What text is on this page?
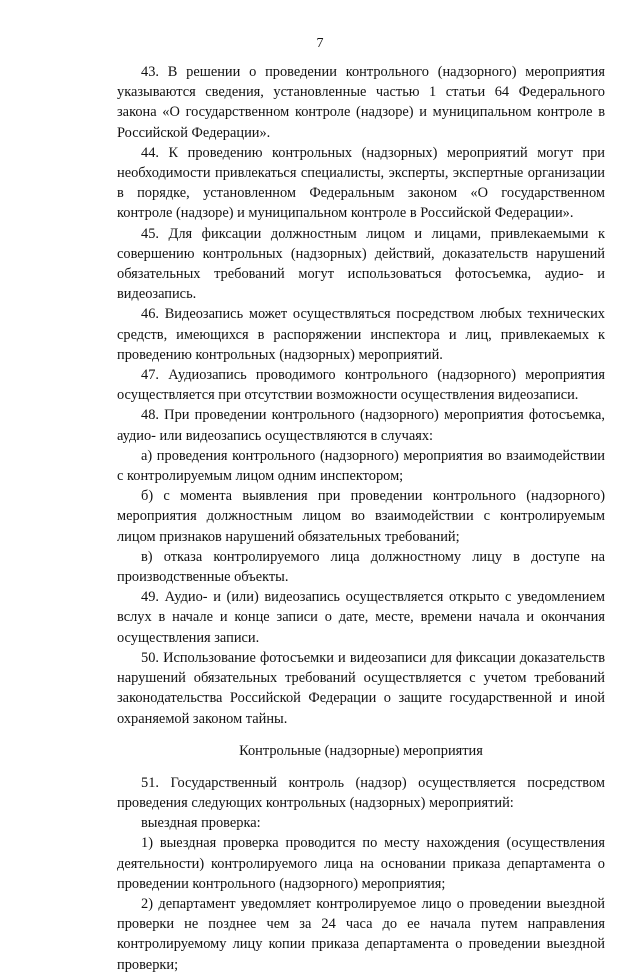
7

43. В решении о проведении контрольного (надзорного) мероприятия указываются сведения, установленные частью 1 статьи 64 Федерального закона «О государственном контроле (надзоре) и муниципальном контроле в Российской Федерации».

44. К проведению контрольных (надзорных) мероприятий могут при необходимости привлекаться специалисты, эксперты, экспертные организации в порядке, установленном Федеральным законом «О государственном контроле (надзоре) и муниципальном контроле в Российской Федерации».

45. Для фиксации должностным лицом и лицами, привлекаемыми к совершению контрольных (надзорных) действий, доказательств нарушений обязательных требований могут использоваться фотосъемка, аудио- и видеозапись.

46. Видеозапись может осуществляться посредством любых технических средств, имеющихся в распоряжении инспектора и лиц, привлекаемых к проведению контрольных (надзорных) мероприятий.

47. Аудиозапись проводимого контрольного (надзорного) мероприятия осуществляется при отсутствии возможности осуществления видеозаписи.

48. При проведении контрольного (надзорного) мероприятия фотосъемка, аудио- или видеозапись осуществляются в случаях:

а) проведения контрольного (надзорного) мероприятия во взаимодействии с контролируемым лицом одним инспектором;

б) с момента выявления при проведении контрольного (надзорного) мероприятия должностным лицом во взаимодействии с контролируемым лицом признаков нарушений обязательных требований;

в) отказа контролируемого лица должностному лицу в доступе на производственные объекты.

49. Аудио- и (или) видеозапись осуществляется открыто с уведомлением вслух в начале и конце записи о дате, месте, времени начала и окончания осуществления записи.

50. Использование фотосъемки и видеозаписи для фиксации доказательств нарушений обязательных требований осуществляется с учетом требований законодательства Российской Федерации о защите государственной и иной охраняемой законом тайны.

Контрольные (надзорные) мероприятия

51. Государственный контроль (надзор) осуществляется посредством проведения следующих контрольных (надзорных) мероприятий:

выездная проверка:

1) выездная проверка проводится по месту нахождения (осуществления деятельности) контролируемого лица на основании приказа департамента о проведении контрольного (надзорного) мероприятия;

2) департамент уведомляет контролируемое лицо о проведении выездной проверки не позднее чем за 24 часа до ее начала путем направления контролируемому лицу копии приказа департамента о проведении выездной проверки;
